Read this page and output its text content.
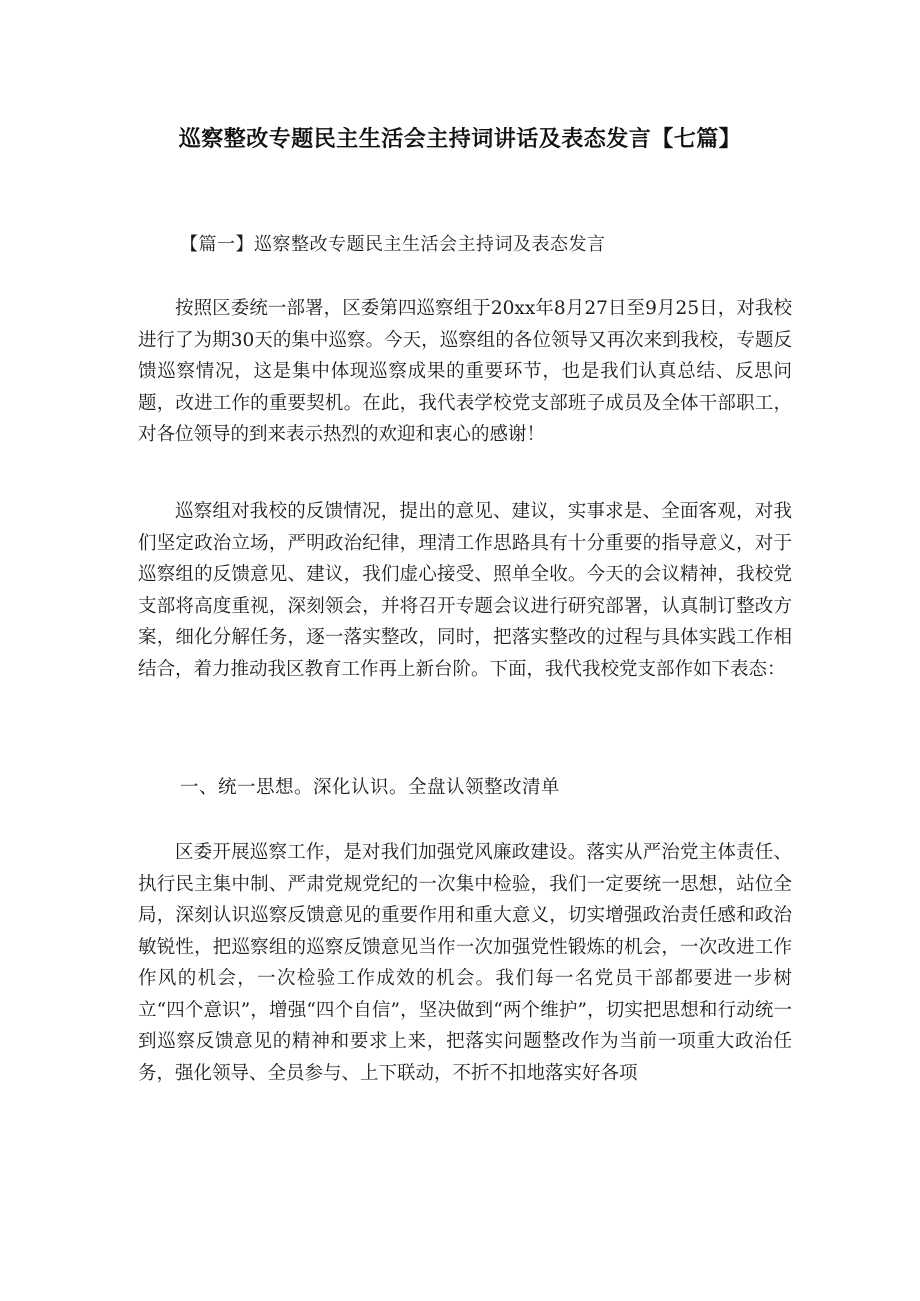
巡察整改专题民主生活会主持词讲话及表态发言【七篇】
【篇一】巡察整改专题民主生活会主持词及表态发言

按照区委统一部署，区委第四巡察组于20xx年8月27日至9月25日，对我校进行了为期30天的集中巡察。今天，巡察组的各位领导又再次来到我校，专题反馈巡察情况，这是集中体现巡察成果的重要环节，也是我们认真总结、反思问题，改进工作的重要契机。在此，我代表学校党支部班子成员及全体干部职工，对各位领导的到来表示热烈的欢迎和衷心的感谢！

巡察组对我校的反馈情况，提出的意见、建议，实事求是、全面客观，对我们坚定政治立场，严明政治纪律，理清工作思路具有十分重要的指导意义，对于巡察组的反馈意见、建议，我们虚心接受、照单全收。今天的会议精神，我校党支部将高度重视，深刻领会，并将召开专题会议进行研究部署，认真制订整改方案，细化分解任务，逐一落实整改，同时，把落实整改的过程与具体实践工作相结合，着力推动我区教育工作再上新台阶。下面，我代我校党支部作如下表态：

一、统一思想。深化认识。全盘认领整改清单

区委开展巡察工作，是对我们加强党风廉政建设。落实从严治党主体责任、执行民主集中制、严肃党规党纪的一次集中检验，我们一定要统一思想，站位全局，深刻认识巡察反馈意见的重要作用和重大意义，切实增强政治责任感和政治敏锐性，把巡察组的巡察反馈意见当作一次加强党性锻炼的机会，一次改进工作作风的机会，一次检验工作成效的机会。我们每一名党员干部都要进一步树立“四个意识”，增强“四个自信”，坚决做到“两个维护”，切实把思想和行动统一到巡察反馈意见的精神和要求上来，把落实问题整改作为当前一项重大政治任务，强化领导、全员参与、上下联动，不折不扣地落实好各项
